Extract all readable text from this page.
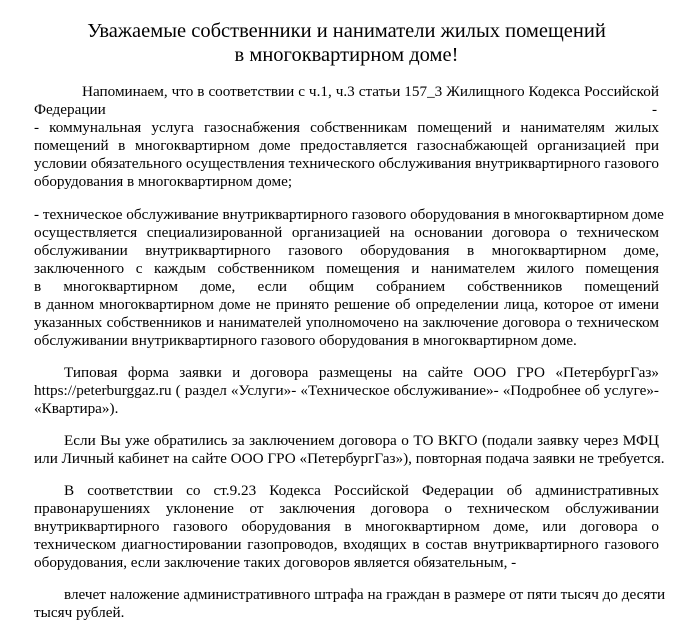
Уважаемые собственники и наниматели жилых помещений
в многоквартирном доме!
Напоминаем, что в соответствии с ч.1, ч.3 статьи 157_3 Жилищного Кодекса Российской
Федерации	-
- коммунальная услуга газоснабжения собственникам помещений и нанимателям жилых
помещений в многоквартирном доме предоставляется газоснабжающей организацией при
условии обязательного осуществления технического обслуживания внутриквартирного газового
оборудования в многоквартирном доме;
- техническое обслуживание внутриквартирного газового оборудования в многоквартирном доме
осуществляется специализированной организацией на основании договора о техническом
обслуживании внутриквартирного газового оборудования в многоквартирном доме,
заключенного с каждым собственником помещения и нанимателем жилого помещения
в многоквартирном доме, если общим собранием собственников помещений
в данном многоквартирном доме не принято решение об определении лица, которое от имени
указанных собственников и нанимателей уполномочено на заключение договора о техническом
обслуживании внутриквартирного газового оборудования в многоквартирном доме.
Типовая форма заявки и договора размещены на сайте ООО ГРО «ПетербургГаз»
https://peterburggaz.ru ( раздел «Услуги»- «Техническое обслуживание»- «Подробнее об услуге»-
«Квартира»).
Если Вы уже обратились за заключением договора о ТО ВКГО (подали заявку через МФЦ
или Личный кабинет на сайте ООО ГРО «ПетербургГаз»), повторная подача заявки не требуется.
В соответствии со ст.9.23 Кодекса Российской Федерации об административных
правонарушениях уклонение от заключения договора о техническом обслуживании
внутриквартирного газового оборудования в многоквартирном доме, или договора о
техническом диагностировании газопроводов, входящих в состав внутриквартирного газового
оборудования, если заключение таких договоров является обязательным, -
влечет наложение административного штрафа на граждан в размере от пяти тысяч до десяти
тысяч рублей.
